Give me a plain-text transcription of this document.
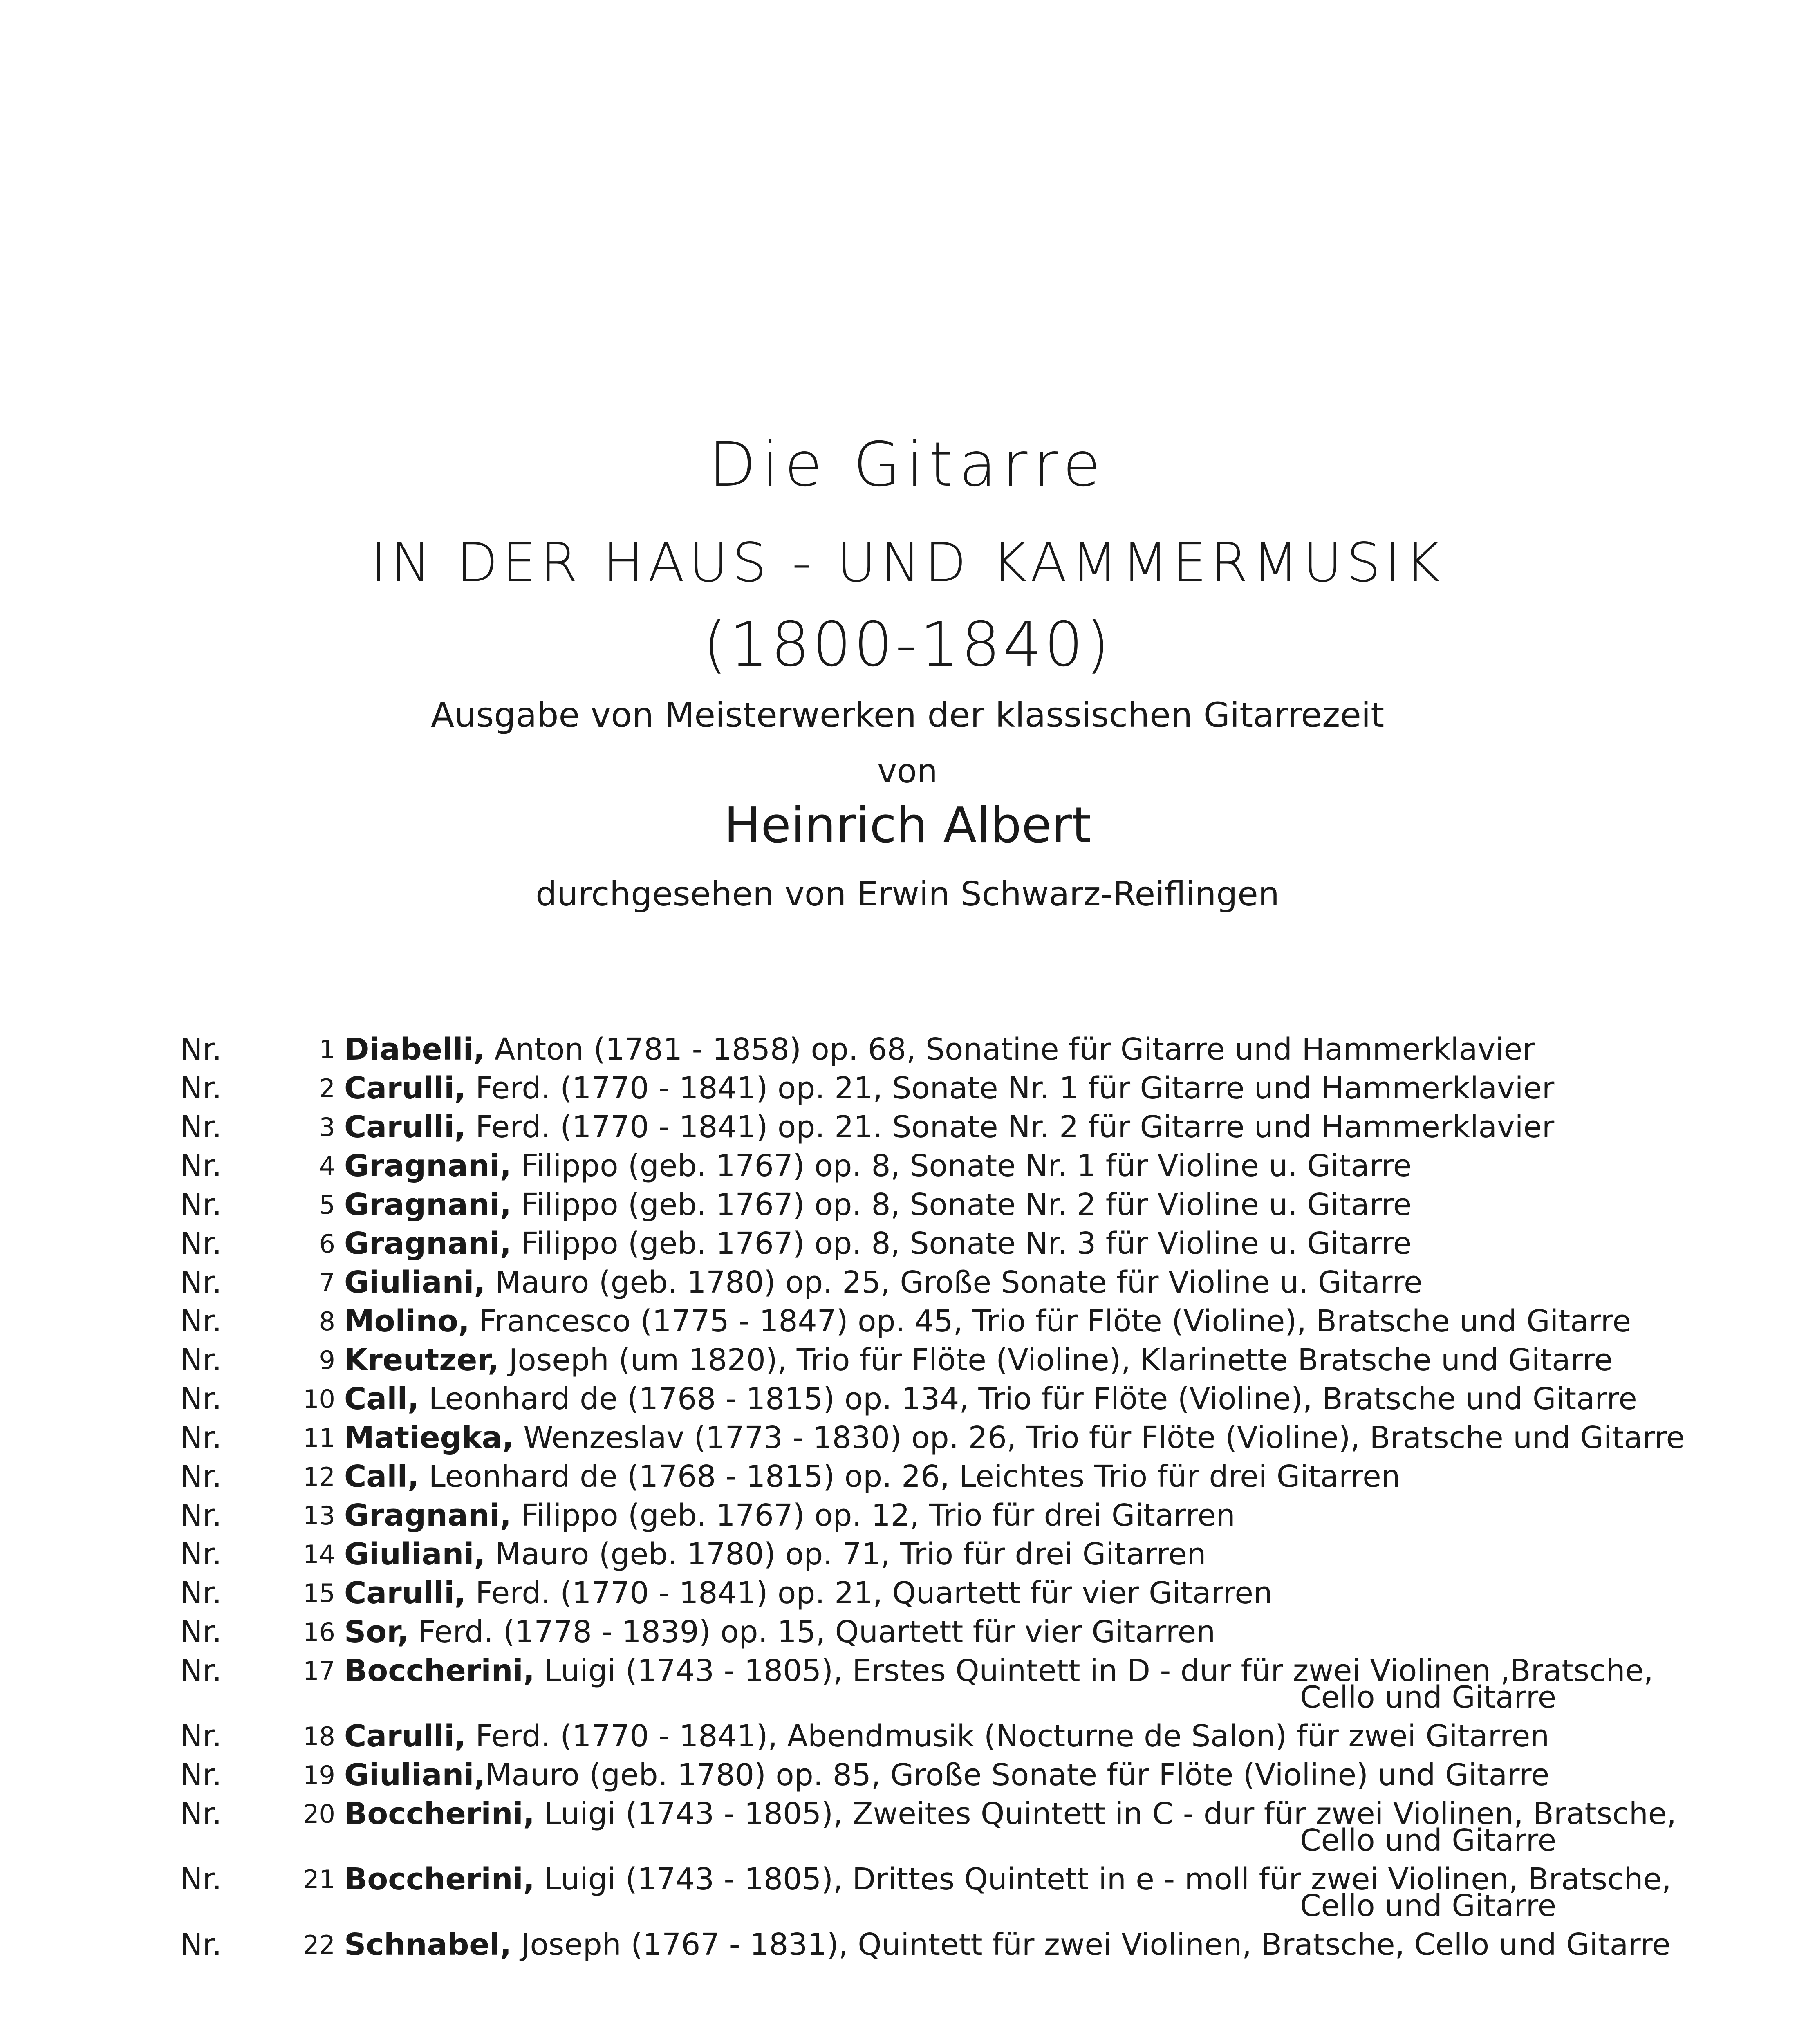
Die Gitarre
IN DER HAUS - UND KAMMERMUSIK
(1800-1840)
Ausgabe von Meisterwerken der klassischen Gitarrezeit
von
Heinrich Albert
durchgesehen von Erwin Schwarz-Reiflingen
Nr.	1 Diabelli, Anton (1781 - 1858) op. 68, Sonatine für Gitarre und Hammerklavier
Nr.	2 Carulli, Ferd. (1770 - 1841) op. 21, Sonate Nr. 1 für Gitarre und Hammerklavier
Nr.	3 Carulli, Ferd. (1770 - 1841) op. 21. Sonate Nr. 2 für Gitarre und Hammerklavier
Nr.	4 Gragnani, Filippo (geb. 1767) op. 8, Sonate Nr. 1 für Violine u. Gitarre
Nr.	5 Gragnani, Filippo (geb. 1767) op. 8, Sonate Nr. 2 für Violine u. Gitarre
Nr.	6 Gragnani, Filippo (geb. 1767) op. 8, Sonate Nr. 3 für Violine u. Gitarre
Nr.	7 Giuliani, Mauro (geb. 1780) op. 25, Große Sonate für Violine u. Gitarre
Nr.	8 Molino, Francesco (1775 - 1847) op. 45, Trio für Flöte (Violine), Bratsche und Gitarre
Nr.	9 Kreutzer, Joseph (um 1820), Trio für Flöte (Violine), Klarinette Bratsche und Gitarre
Nr.	10 Call, Leonhard de (1768 - 1815) op. 134, Trio für Flöte (Violine), Bratsche und Gitarre
Nr.	11 Matiegka, Wenzeslav (1773 - 1830) op. 26, Trio für Flöte (Violine), Bratsche und Gitarre
Nr.	12 Call, Leonhard de (1768 - 1815) op. 26, Leichtes Trio für drei Gitarren
Nr.	13 Gragnani, Filippo (geb. 1767) op. 12, Trio für drei Gitarren
Nr.	14 Giuliani, Mauro (geb. 1780) op. 71, Trio für drei Gitarren
Nr.	15 Carulli, Ferd. (1770 - 1841) op. 21, Quartett für vier Gitarren
Nr.	16 Sor, Ferd. (1778 - 1839) op. 15, Quartett für vier Gitarren
Nr.	17 Boccherini, Luigi (1743 - 1805), Erstes Quintett in D - dur für zwei Violinen ,Bratsche,
Cello und Gitarre
Nr.	18 Carulli, Ferd. (1770 - 1841), Abendmusik (Nocturne de Salon) für zwei Gitarren
Nr.	19 Giuliani, Mauro (geb. 1780) op. 85, Große Sonate für Flöte (Violine) und Gitarre
Nr.	20 Boccherini, Luigi (1743 - 1805), Zweites Quintett in C - dur für zwei Violinen, Bratsche,
Cello und Gitarre
Nr.	21 Boccherini, Luigi (1743 - 1805), Drittes Quintett in e - moll für zwei Violinen, Bratsche,
Cello und Gitarre
Nr.	22 Schnabel, Joseph (1767 - 1831), Quintett für zwei Violinen, Bratsche, Cello und Gitarre
